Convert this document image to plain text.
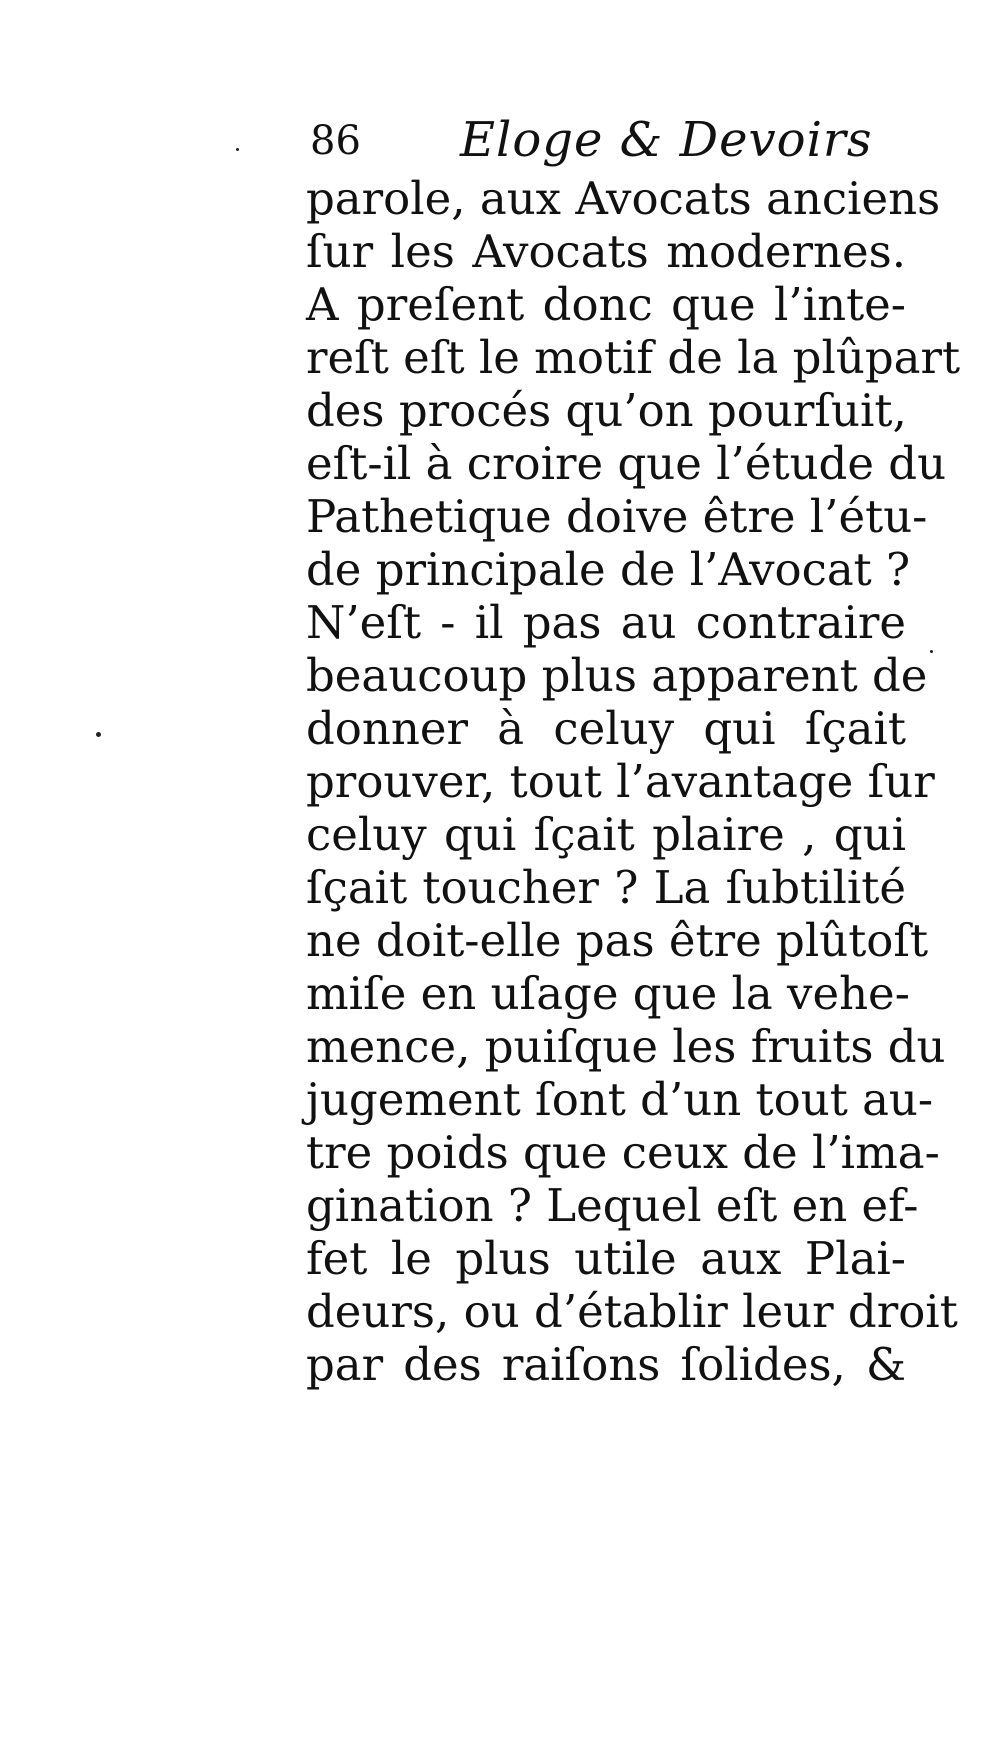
86 Eloge & Devoirs
parole, aux Avocats anciens
ſur les Avocats modernes.
A preſent donc que l’inte-
reſt eſt le motif de la plûpart
des procés qu’on pourſuit,
eſt-il à croire que l’étude du
Pathetique doive être l’étu-
de principale de l’Avocat ?
N’eſt - il pas au contraire
beaucoup plus apparent de
donner à celuy qui ſçait
prouver, tout l’avantage ſur
celuy qui ſçait plaire , qui
ſçait toucher ? La ſubtilité
ne doit-elle pas être plûtoſt
miſe en uſage que la vehe-
mence, puiſque les fruits du
jugement ſont d’un tout au-
tre poids que ceux de l’ima-
gination ? Lequel eſt en ef-
fet le plus utile aux Plai-
deurs, ou d’établir leur droit
par des raiſons ſolides, &
